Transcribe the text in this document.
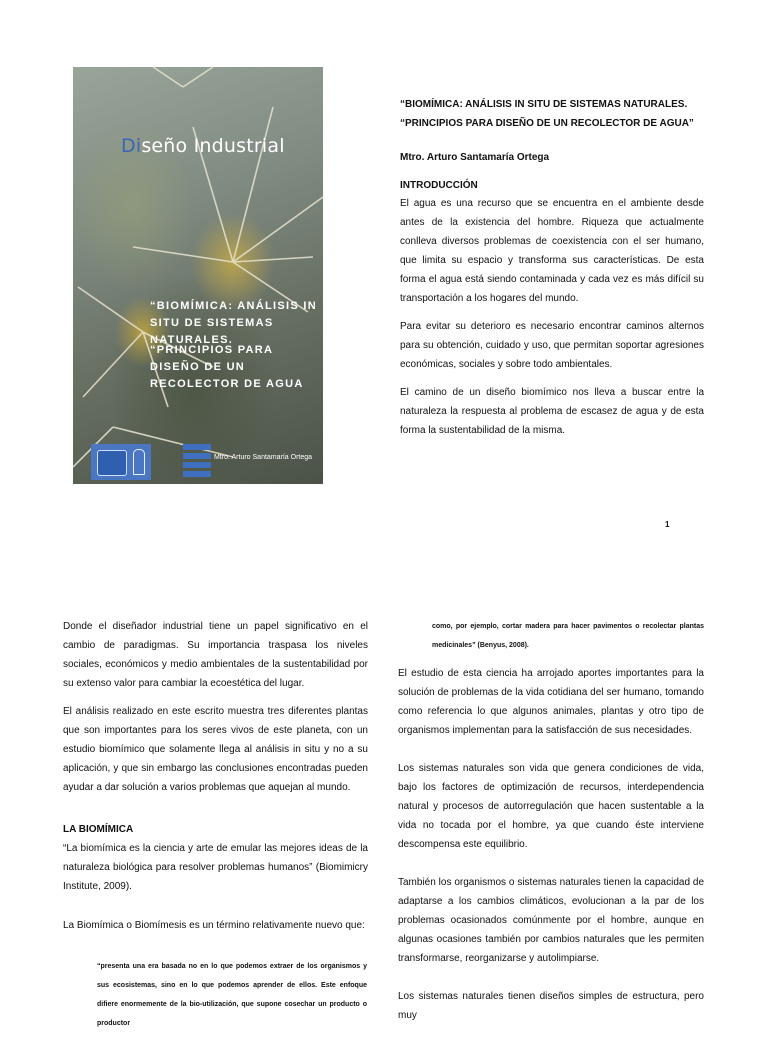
Diseño Industrial
“BIOMÍMICA: ANÁLISIS IN SITU DE SISTEMAS NATURALES.
“PRINCIPIOS PARA DISEÑO DE UN RECOLECTOR DE AGUA
Mtro. Arturo Santamaría Ortega
“BIOMÍMICA: ANÁLISIS IN SITU DE SISTEMAS NATURALES.
“PRINCIPIOS PARA DISEÑO DE UN RECOLECTOR DE AGUA”
Mtro. Arturo Santamaría Ortega
INTRODUCCIÓN

El agua es una recurso que se encuentra en el ambiente desde antes de la existencia del hombre. Riqueza que actualmente conlleva diversos problemas de coexistencia con el ser humano, que limita su espacio y transforma sus características. De esta forma el agua está siendo contaminada y cada vez es más difícil su transportación a los hogares del mundo.

Para evitar su deterioro es necesario encontrar caminos alternos para su obtención, cuidado y uso, que permitan soportar agresiones económicas, sociales y sobre todo ambientales.

El camino de un diseño biomímico nos lleva a buscar entre la naturaleza la respuesta al problema de escasez de agua y de esta forma la sustentabilidad de la misma.

1

Donde el diseñador industrial tiene un papel significativo en el cambio de paradigmas. Su importancia traspasa los niveles sociales, económicos y medio ambientales de la sustentabilidad por su extenso valor para cambiar la ecoestética del lugar.

El análisis realizado en este escrito muestra tres diferentes plantas que son importantes para los seres vivos de este planeta, con un estudio biomímico que solamente llega al análisis in situ y no a su aplicación, y que sin embargo las conclusiones encontradas pueden ayudar a dar solución a varios problemas que aquejan al mundo.

LA BIOMÍMICA

“La biomímica es la ciencia y arte de emular las mejores ideas de la naturaleza biológica para resolver problemas humanos” (Biomimicry Institute, 2009).

La Biomímica o Biomímesis es un término relativamente nuevo que:

“presenta una era basada no en lo que podemos extraer de los organismos y sus ecosistemas, sino en lo que podemos aprender de ellos. Este enfoque difiere enormemente de la bio-utilización, que supone cosechar un producto o productor
como, por ejemplo, cortar madera para hacer pavimentos o recolectar plantas medicinales” (Benyus, 2008).

El estudio de esta ciencia ha arrojado aportes importantes para la solución de problemas de la vida cotidiana del ser humano, tomando como referencia lo que algunos animales, plantas y otro tipo de organismos implementan para la satisfacción de sus necesidades.

Los sistemas naturales son vida que genera condiciones de vida, bajo los factores de optimización de recursos, interdependencia natural y procesos de autorregulación que hacen sustentable a la vida no tocada por el hombre, ya que cuando éste interviene descompensa este equilibrio.

También los organismos o sistemas naturales tienen la capacidad de adaptarse a los cambios climáticos, evolucionan a la par de los problemas ocasionados comúnmente por el hombre, aunque en algunas ocasiones también por cambios naturales que les permiten transformarse, reorganizarse y autolimpiarse.

Los sistemas naturales tienen diseños simples de estructura, pero muy
